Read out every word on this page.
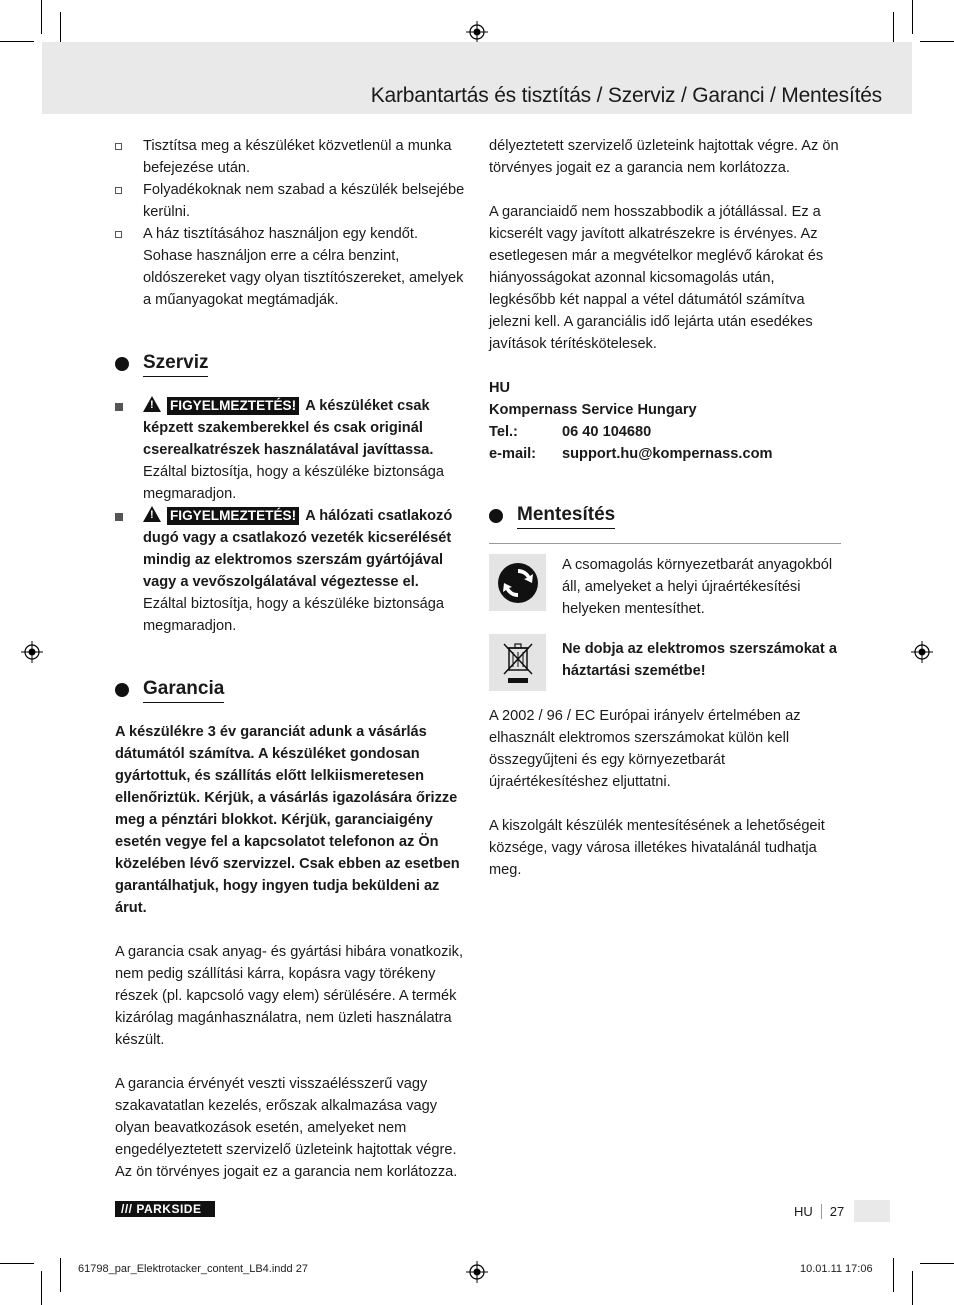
Karbantartás és tisztítás / Szerviz / Garanci / Mentesítés
Tisztítsa meg a készüléket közvetlenül a munka befejezése után.
Folyadékoknak nem szabad a készülék belsejébe kerülni.
A ház tisztításához használjon egy kendőt. Sohase használjon erre a célra benzint, oldószereket vagy olyan tisztítószereket, amelyek a műanyagokat megtámadják.
Szerviz
!FIGYELMEZTETÉS! A készüléket csak képzett szakemberekkel és csak originál cserealkatrészek használatával javíttassa. Ezáltal biztosítja, hogy a készüléke biztonsága megmaradjon.
!FIGYELMEZTETÉS! A hálózati csatlakozó dugó vagy a csatlakozó vezeték kicserélését mindig az elektromos szerszám gyártójával vagy a vevőszolgálatával végeztesse el. Ezáltal biztosítja, hogy a készüléke biztonsága megmaradjon.
Garancia

A készülékre 3 év garanciát adunk a vásárlás dátumától számítva. A készüléket gondosan gyártottuk, és szállítás előtt lelkiismeretesen ellenőriztük. Kérjük, a vásárlás igazolására őrizze meg a pénztári blokkot. Kérjük, garanciaigény esetén vegye fel a kapcsolatot telefonon az Ön közelében lévő szervizzel. Csak ebben az esetben garantálhatjuk, hogy ingyen tudja beküldeni az árut.

A garancia csak anyag- és gyártási hibára vonatkozik, nem pedig szállítási kárra, kopásra vagy törékeny részek (pl. kapcsoló vagy elem) sérülésére. A termék kizárólag magánhasználatra, nem üzleti használatra készült.

A garancia érvényét veszti visszaélésszerű vagy szakavatatlan kezelés, erőszak alkalmazása vagy olyan beavatkozások esetén, amelyeket nem engedélyeztetett szervizelő üzleteink hajtottak végre. Az ön törvényes jogait ez a garancia nem korlátozza.

délyeztetett szervizelő üzleteink hajtottak végre. Az ön törvényes jogait ez a garancia nem korlátozza.

A garanciaidő nem hosszabbodik a jótállással. Ez a kicserélt vagy javított alkatrészekre is érvényes. Az esetlegesen már a megvételkor meglévő károkat és hiányosságokat azonnal kicsomagolás után, legkésőbb két nappal a vétel dátumától számítva jelezni kell. A garanciális idő lejárta után esedékes javítások térítéskötelesek.

HU
Kompernass Service Hungary
Tel.:	06 40 104680
e-mail:	support.hu@kompernass.com
Mentesítés
A csomagolás környezetbarát anyagokból áll, amelyeket a helyi újraértékesítési helyeken mentesíthet.
Ne dobja az elektromos szerszámokat a háztartási szemétbe!

A 2002 / 96 / EC Európai irányelv értelmében az elhasznált elektromos szerszámokat külön kell összegyűjteni és egy környezetbarát újraértékesítéshez eljuttatni.

A kiszolgált készülék mentesítésének a lehetőségeit községe, vagy városa illetékes hivatalánál tudhatja meg.

/// PARKSIDE	HU	27
61798_par_Elektrotacker_content_LB4.indd 27	10.01.11 17:06
